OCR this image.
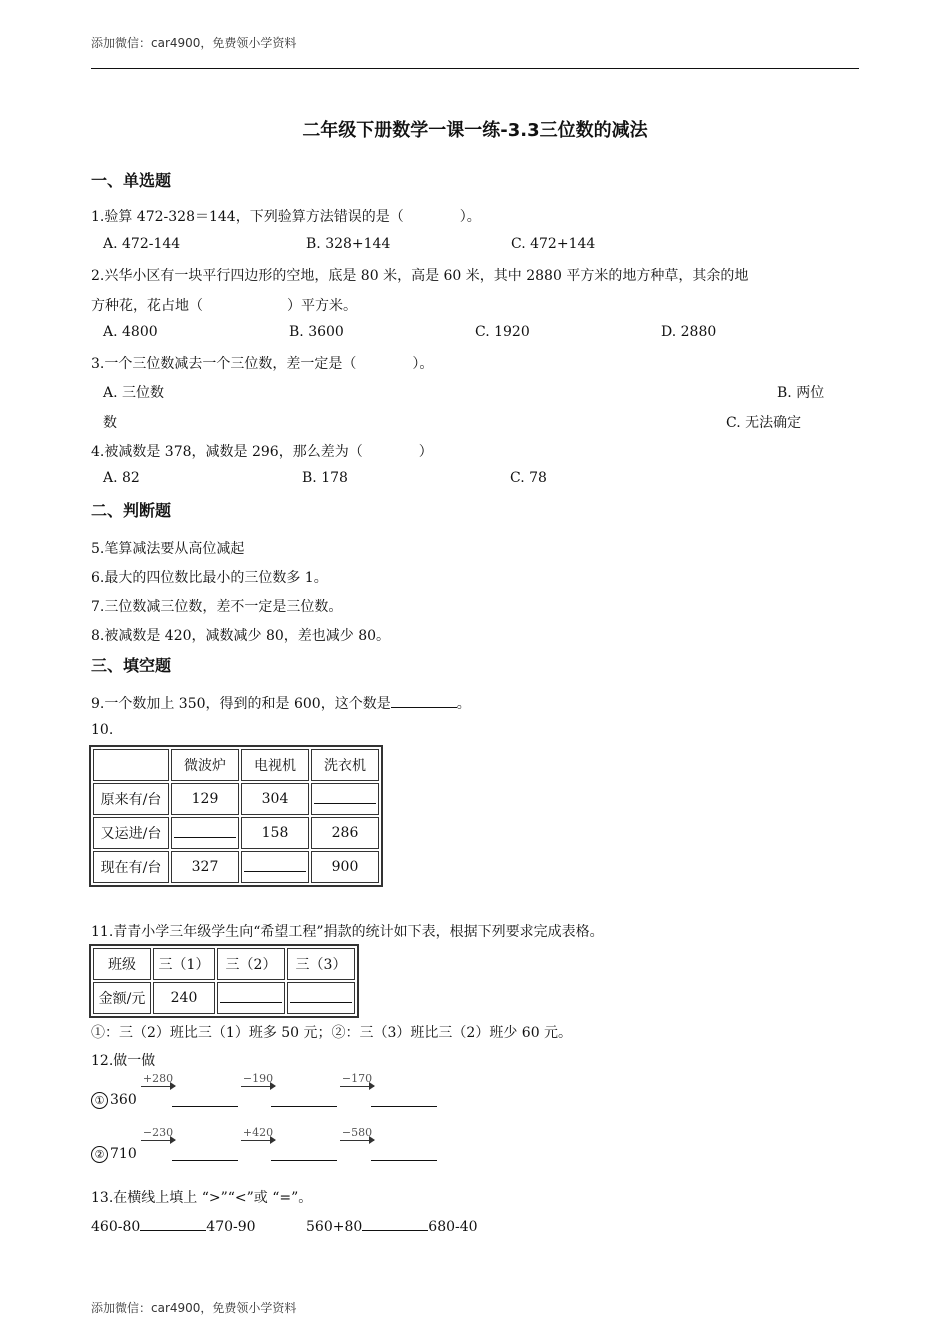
添加微信：car4900，免费领小学资料
二年级下册数学一课一练-3.3三位数的减法
一、单选题
1.验算 472-328＝144，下列验算方法错误的是（　　　　）。
A. 472-144	B. 328+144	C. 472+144
2.兴华小区有一块平行四边形的空地，底是 80 米，高是 60 米，其中 2880 平方米的地方种草，其余的地
方种花，花占地（　　　　　　）平方米。
A. 4800	B. 3600	C. 1920	D. 2880
3.一个三位数减去一个三位数，差一定是（　　　　）。
A. 三位数	B. 两位
数	C. 无法确定
4.被减数是 378，减数是 296，那么差为（　　　　）
A. 82	B. 178	C. 78
二、判断题
5.笔算减法要从高位减起
6.最大的四位数比最小的三位数多 1。
7.三位数减三位数，差不一定是三位数。
8.被减数是 420，减数减少 80，差也减少 80。
三、填空题
9.一个数加上 350，得到的和是 600，这个数是	。
10.
	微波炉	电视机	洗衣机
原来有/台	129	304	
又运进/台		158	286
现在有/台	327		900
11.青青小学三年级学生向“希望工程”捐款的统计如下表，根据下列要求完成表格。
班级	三（1）	三（2）	三（3）
金额/元	240		
①：三（2）班比三（1）班多 50 元；②：三（3）班比三（2）班少 60 元。
12.做一做
① 360
+280	−190	−170
② 710
−230	+420	−580
13.在横线上填上 “>”“<”或 “=”。
460-80	470-90	560+80	680-40
添加微信：car4900，免费领小学资料
